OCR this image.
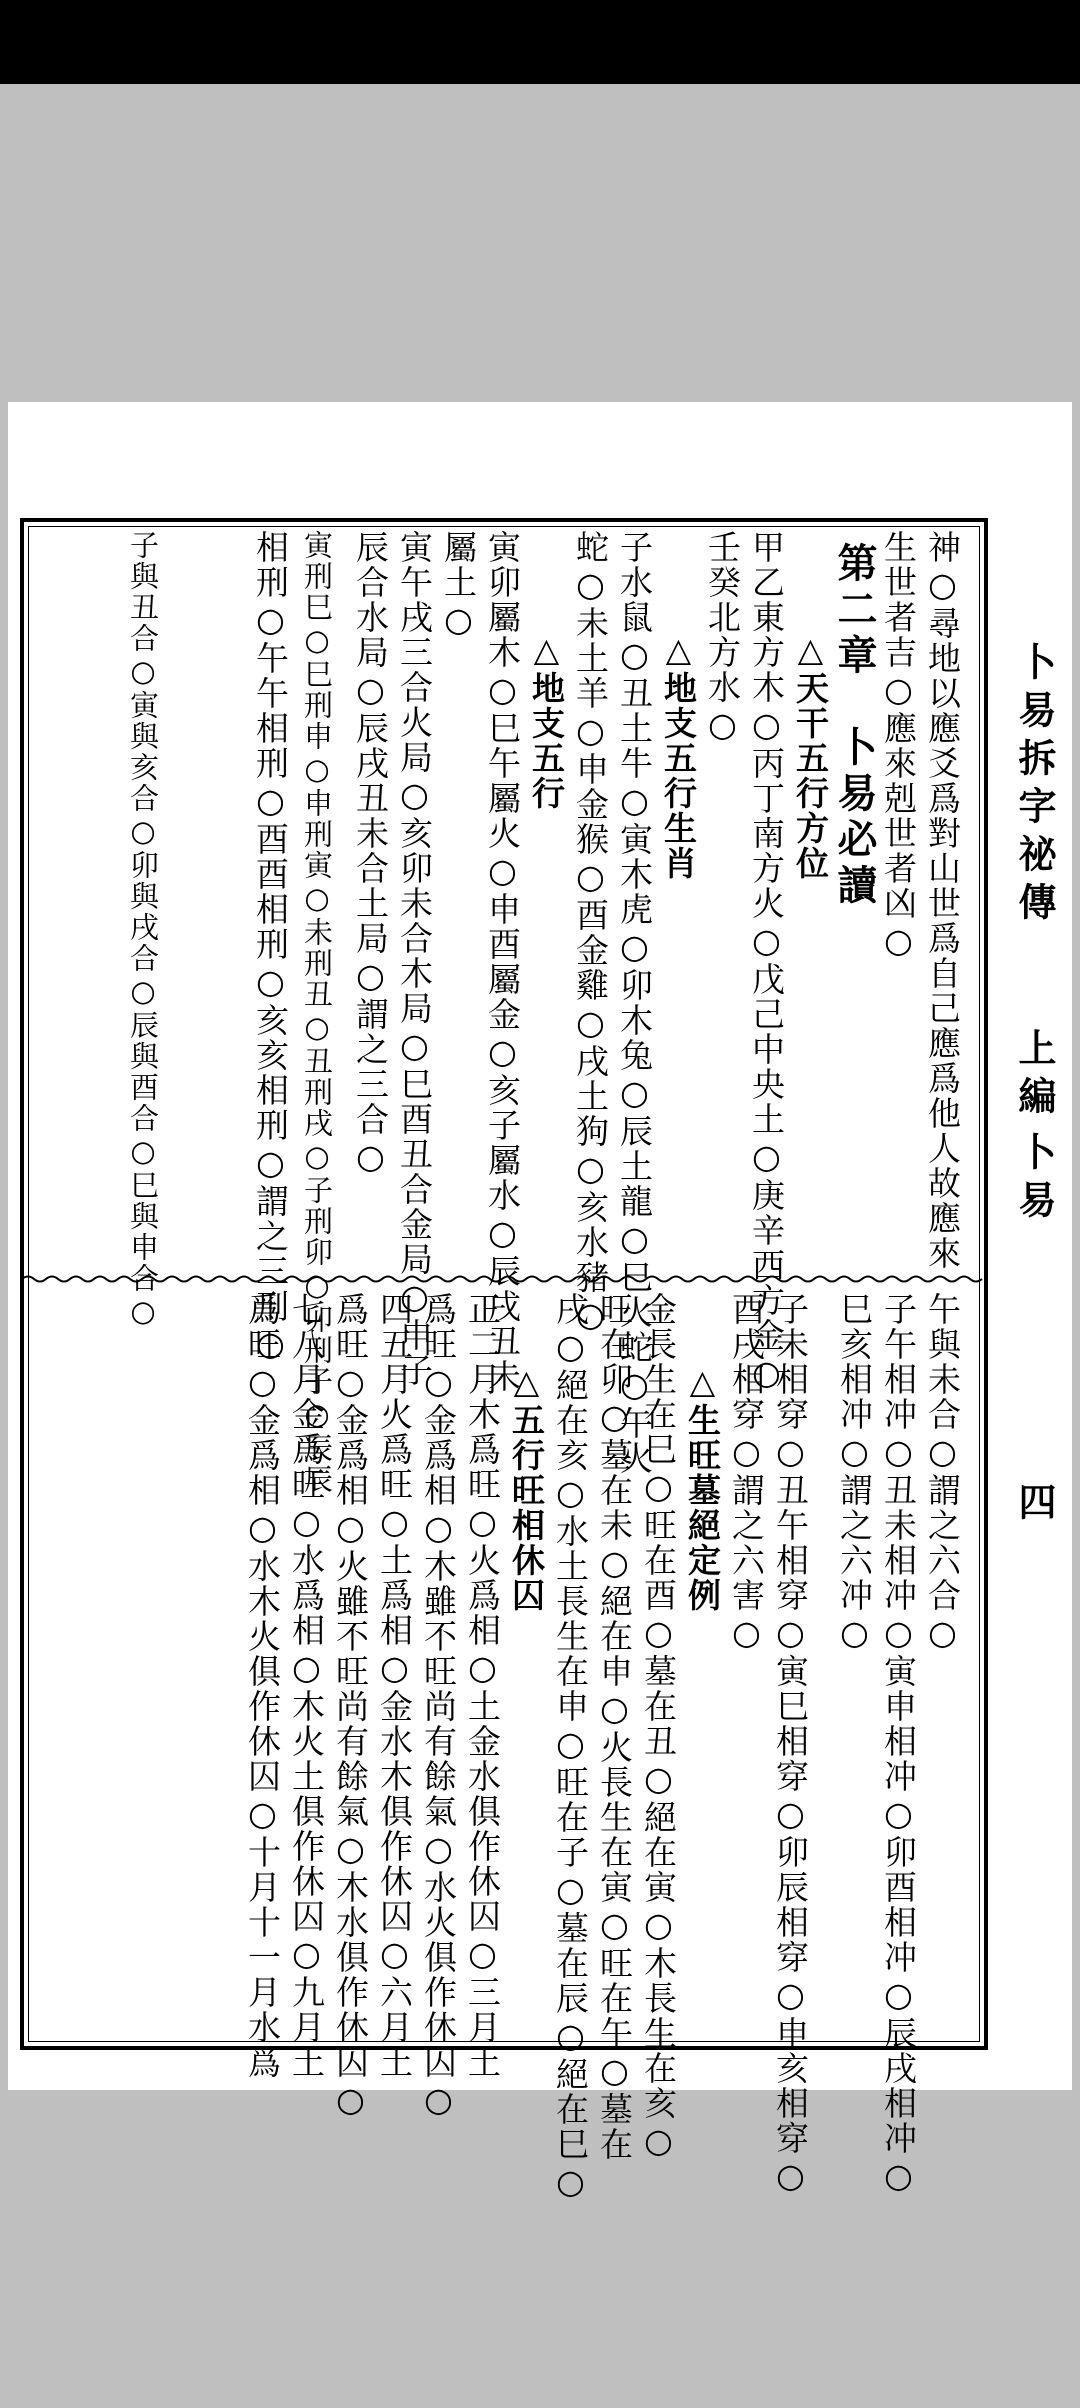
卜易拆字祕傳
上編
卜易
四
神○尋地以應爻爲對山世爲自己應爲他人故應來
生世者吉○應來剋世者凶○
第二章　卜易必讀
△天干五行方位
甲乙東方木○丙丁南方火○戊己中央土○庚辛西方金○
壬癸北方水○
△地支五行生肖
子水鼠○丑土牛○寅木虎○卯木兔○辰土龍○巳火蛇○午火
蛇○未土羊○申金猴○酉金雞○戌土狗○亥水豬○
△地支五行
寅卯屬木○巳午屬火○申酉屬金○亥子屬水○辰戌丑未
屬土○
寅午戌三合火局○亥卯未合木局○巳酉丑合金局○申子
辰合水局○辰戌丑未合土局○謂之三合○
寅刑巳○巳刑申○申刑寅○未刑丑○丑刑戌○子刑卯○卯刑子○辰辰
相刑○午午相刑○酉酉相刑○亥亥相刑○謂之三刑○
子與丑合○寅與亥合○卯與戌合○辰與酉合○巳與申合○
午與未合○謂之六合○
子午相冲○丑未相冲○寅申相冲○卯酉相冲○辰戌相冲○
巳亥相冲○謂之六冲○
子未相穿○丑午相穿○寅巳相穿○卯辰相穿○申亥相穿○
酉戌相穿○謂之六害○
△生旺墓絕定例
金長生在巳○旺在酉○墓在丑○絕在寅○木長生在亥○
旺在卯○墓在未○絕在申○火長生在寅○旺在午○墓在
戌○絕在亥○水土長生在申○旺在子○墓在辰○絕在巳○
△五行旺相休囚
正二月木爲旺○火爲相○土金水俱作休囚○三月土
爲旺○金爲相○木雖不旺尚有餘氣○水火俱作休囚○
四五月火爲旺○土爲相○金水木俱作休囚○六月土
爲旺○金爲相○火雖不旺尚有餘氣○木水俱作休囚○
七八月金爲旺○水爲相○木火土俱作休囚○九月土
爲旺○金爲相○水木火俱作休囚○十月十一月水爲
